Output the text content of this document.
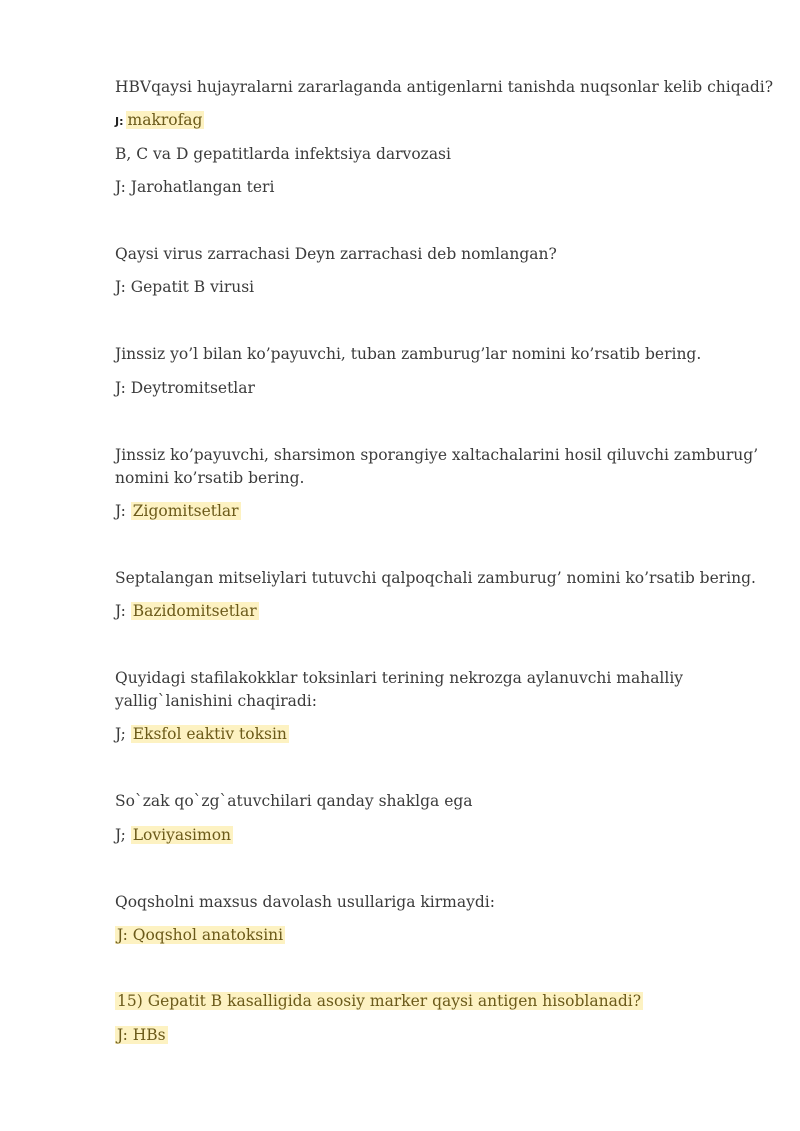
HBVqaysi hujayralarni zararlaganda antigenlarni tanishda nuqsonlar kelib chiqadi?
J: makrofag
B, C va D gepatitlarda infektsiya darvozasi
J: Jarohatlangan teri
Qaysi virus zarrachasi Deyn zarrachasi deb nomlangan?
J: Gepatit B virusi
Jinssiz yo’l bilan ko’payuvchi, tuban zamburug’lar nomini ko’rsatib bering.
J: Deytromitsetlar
Jinssiz ko’payuvchi, sharsimon sporangiye xaltachalarini hosil qiluvchi zamburug’
nomini ko’rsatib bering.
J: Zigomitsetlar
Septalangan mitseliylari tutuvchi qalpoqchali zamburug’ nomini ko’rsatib bering.
J: Bazidomitsetlar
Quyidagi stafilakokklar toksinlari terining nekrozga aylanuvchi mahalliy
yallig`lanishini chaqiradi:
J; Eksfol eaktiv toksin
So`zak qo`zg`atuvchilari qanday shaklga ega
J; Loviyasimon
Qoqsholni maxsus davolash usullariga kirmaydi:
J: Qoqshol anatoksini
15) Gepatit B kasalligida asosiy marker qaysi antigen hisoblanadi?
J: HBs
